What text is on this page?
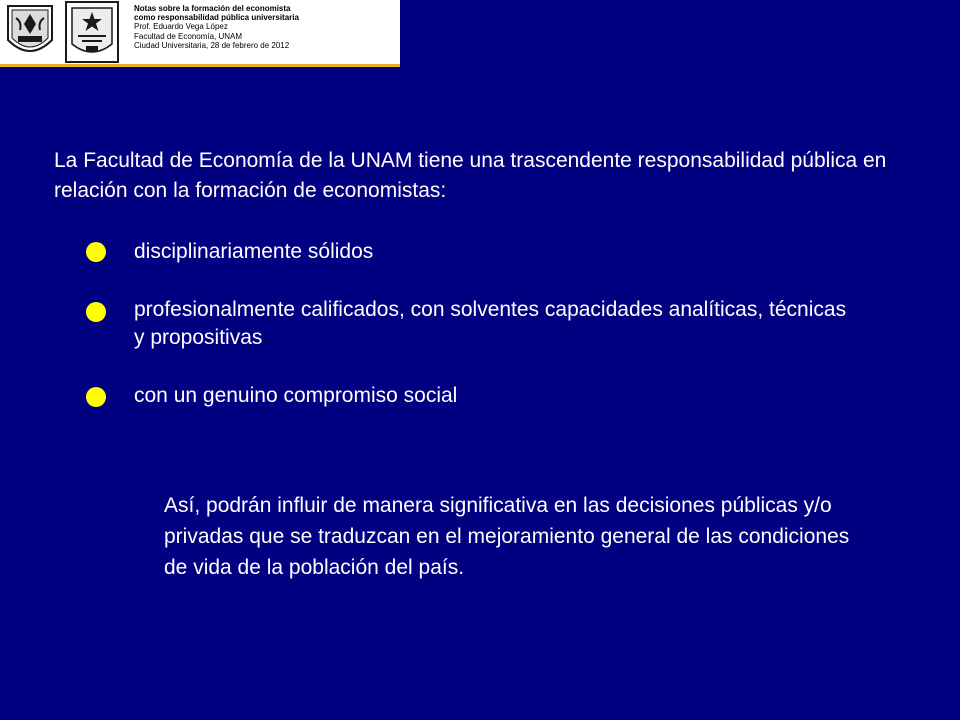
Notas sobre la formación del economista
como responsabilidad pública universitaria
Prof. Eduardo Vega López
Facultad de Economía, UNAM
Ciudad Universitaria, 28 de febrero de 2012
La Facultad de Economía de la UNAM tiene una trascendente responsabilidad pública en relación con la formación de economistas:
disciplinariamente sólidos
profesionalmente calificados, con solventes capacidades analíticas, técnicas y propositivas
con un genuino compromiso social
Así, podrán influir de manera significativa en las decisiones públicas y/o privadas que se traduzcan en el mejoramiento general de las condiciones de vida de la población del país.
